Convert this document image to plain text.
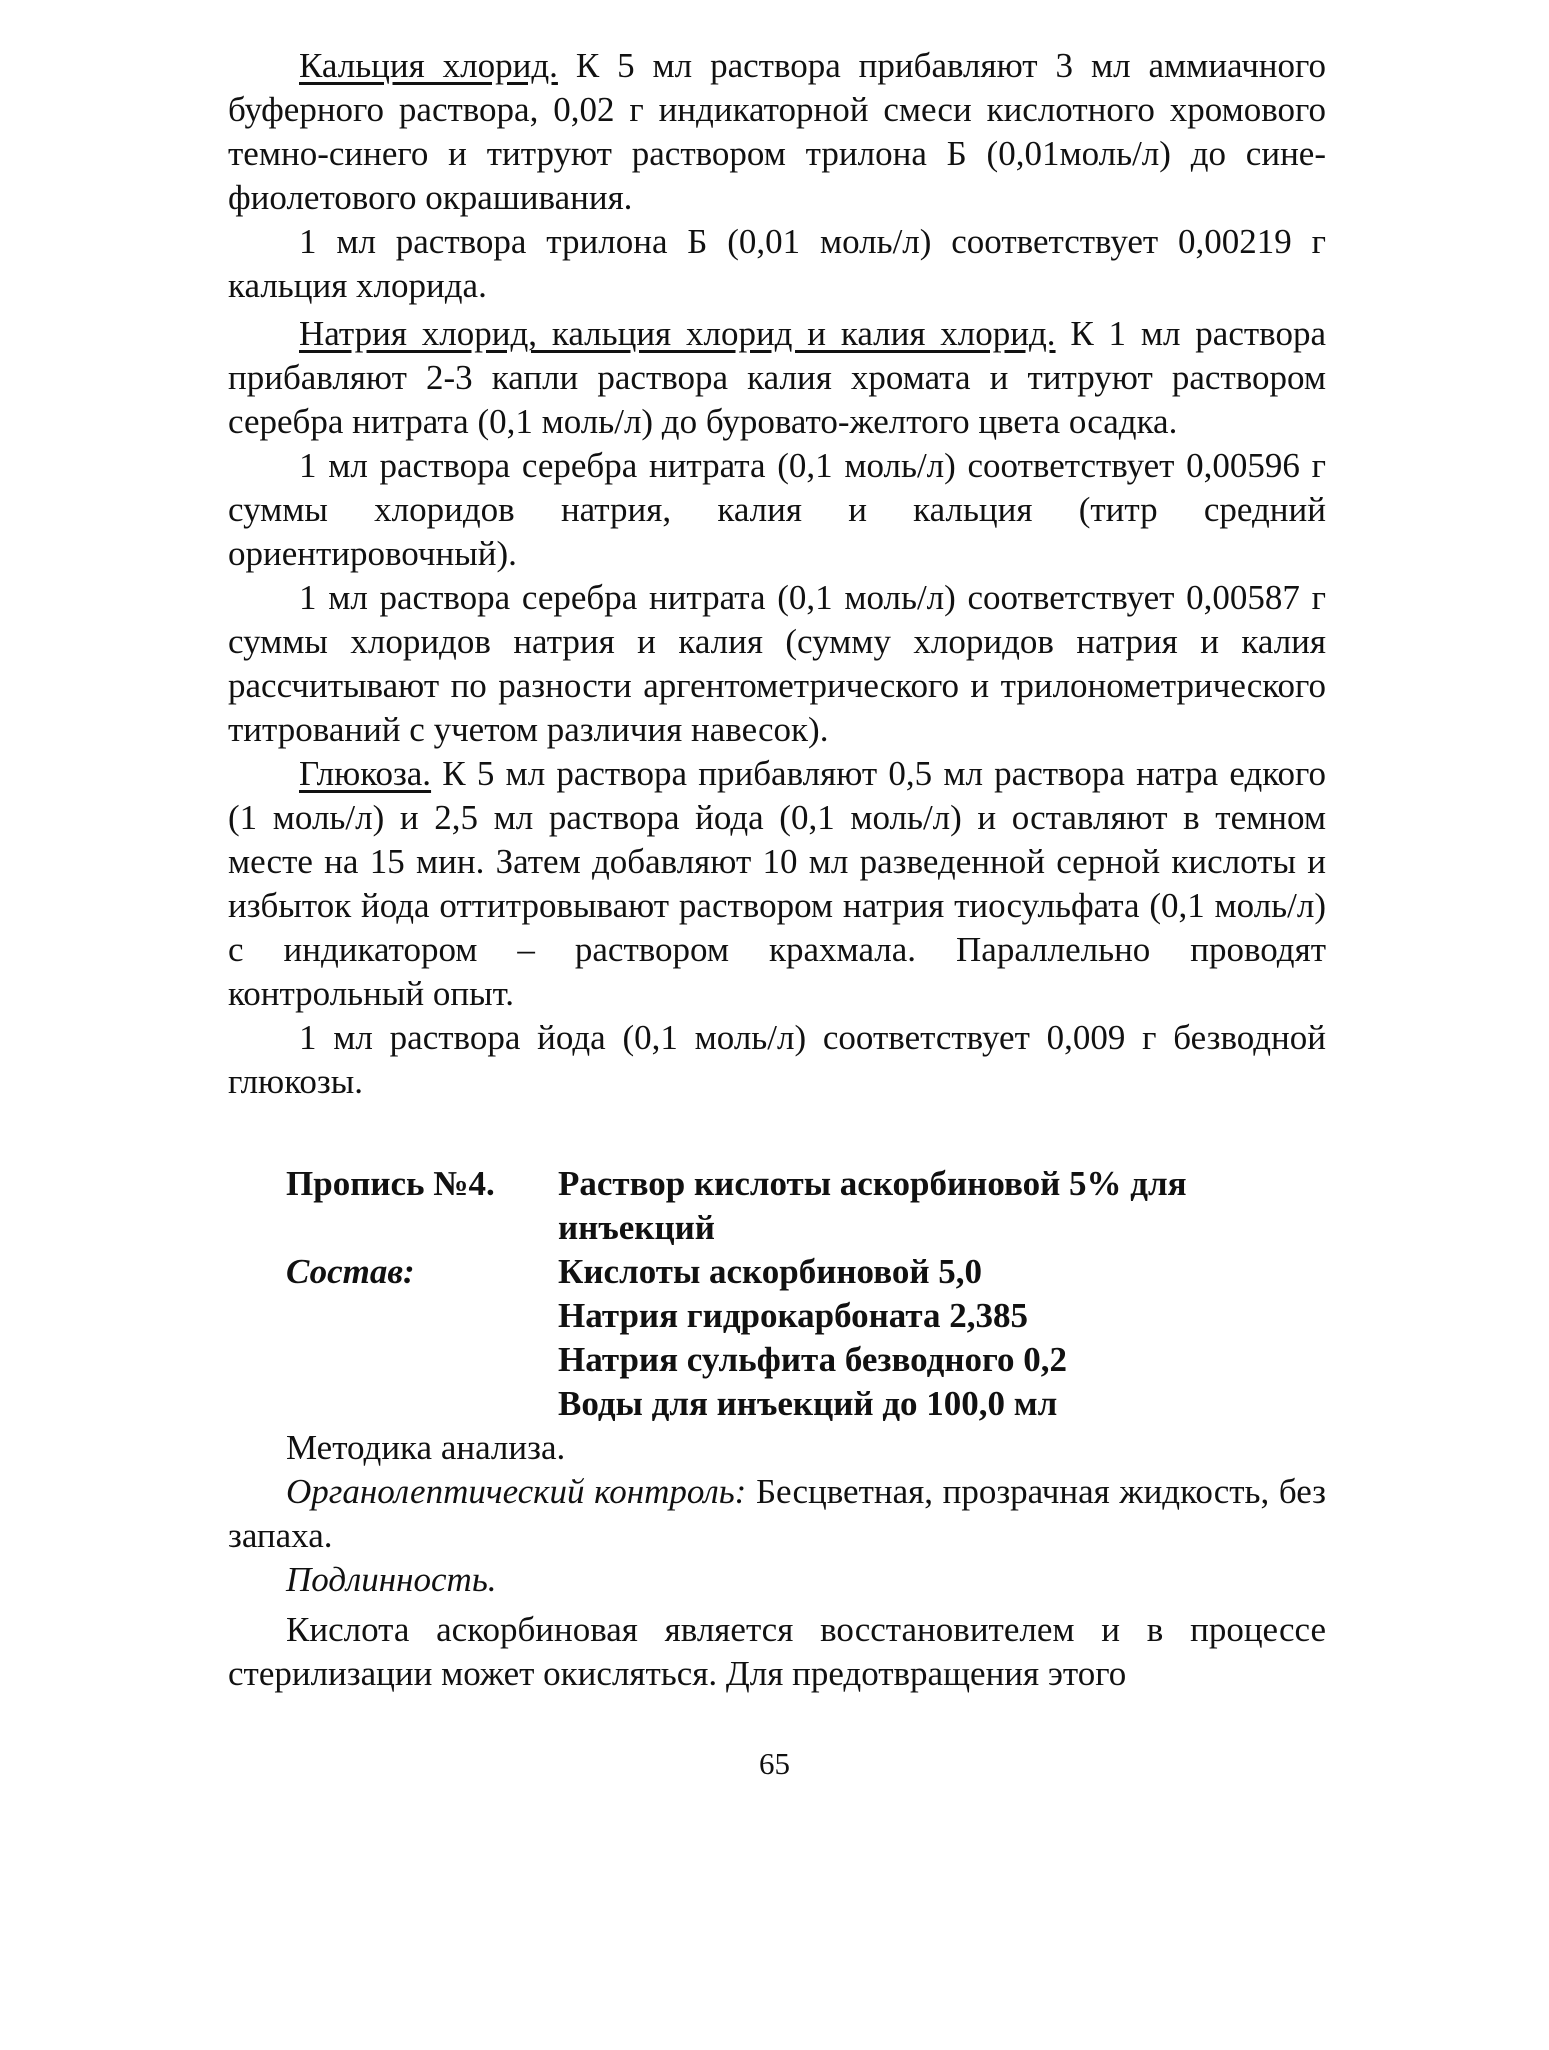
Кальция хлорид. К 5 мл раствора прибавляют 3 мл аммиачного буферного раствора, 0,02 г индикаторной смеси кислотного хромового темно-синего и титруют раствором трилона Б (0,01моль/л) до сине-фиолетового окрашивания.

1 мл раствора трилона Б (0,01 моль/л) соответствует 0,00219 г кальция хлорида.

Натрия хлорид, кальция хлорид и калия хлорид. К 1 мл раствора прибавляют 2-3 капли раствора калия хромата и титруют раствором серебра нитрата (0,1 моль/л) до буровато-желтого цвета осадка.

1 мл раствора серебра нитрата (0,1 моль/л) соответствует 0,00596 г суммы хлоридов натрия, калия и кальция (титр средний ориентировочный).

1 мл раствора серебра нитрата (0,1 моль/л) соответствует 0,00587 г суммы хлоридов натрия и калия (сумму хлоридов натрия и калия рассчитывают по разности аргентометрического и трилонометрического титрований с учетом различия навесок).

Глюкоза. К 5 мл раствора прибавляют 0,5 мл раствора натра едкого (1 моль/л) и 2,5 мл раствора йода (0,1 моль/л) и оставляют в темном месте на 15 мин. Затем добавляют 10 мл разведенной серной кислоты и избыток йода оттитровывают раствором натрия тиосульфата (0,1 моль/л) с индикатором – раствором крахмала. Параллельно проводят контрольный опыт.

1 мл раствора йода (0,1 моль/л) соответствует 0,009 г безводной глюкозы.

Пропись №4.	Раствор кислоты аскорбиновой 5% для инъекций
Состав:	Кислоты аскорбиновой 5,0
Натрия гидрокарбоната 2,385
Натрия сульфита безводного 0,2
Воды для инъекций до 100,0 мл

Методика анализа.

Органолептический контроль: Бесцветная, прозрачная жидкость, без запаха.

Подлинность.

Кислота аскорбиновая является восстановителем и в процессе стерилизации может окисляться. Для предотвращения этого

65
